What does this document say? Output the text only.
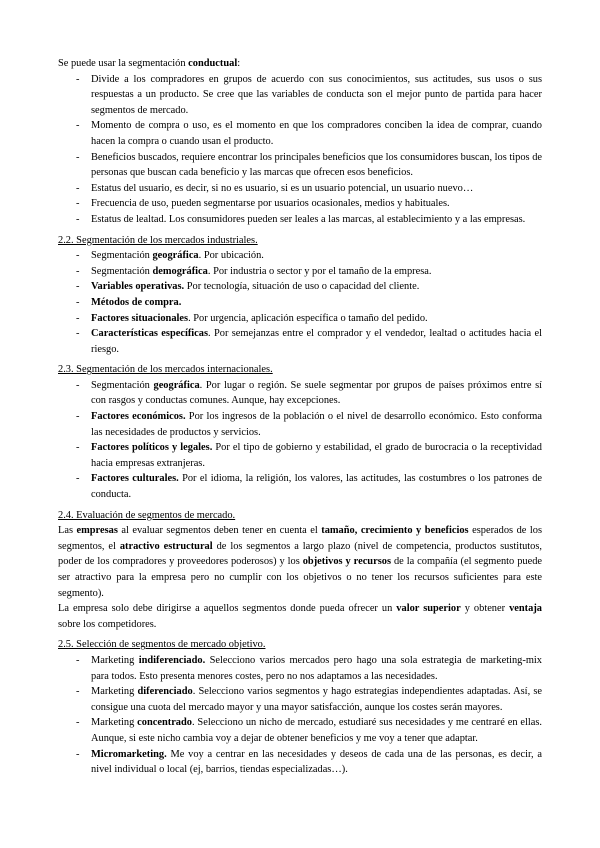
Se puede usar la segmentación conductual:

- Divide a los compradores en grupos de acuerdo con sus conocimientos, sus actitudes, sus usos o sus respuestas a un producto. Se cree que las variables de conducta son el mejor punto de partida para hacer segmentos de mercado.
- Momento de compra o uso, es el momento en que los compradores conciben la idea de comprar, cuando hacen la compra o cuando usan el producto.
- Beneficios buscados, requiere encontrar los principales beneficios que los consumidores buscan, los tipos de personas que buscan cada beneficio y las marcas que ofrecen esos beneficios.
- Estatus del usuario, es decir, si no es usuario, si es un usuario potencial, un usuario nuevo…
- Frecuencia de uso, pueden segmentarse por usuarios ocasionales, medios y habituales.
- Estatus de lealtad. Los consumidores pueden ser leales a las marcas, al establecimiento y a las empresas.

2.2. Segmentación de los mercados industriales.

- Segmentación geográfica. Por ubicación.
- Segmentación demográfica. Por industria o sector y por el tamaño de la empresa.
- Variables operativas. Por tecnología, situación de uso o capacidad del cliente.
- Métodos de compra.
- Factores situacionales. Por urgencia, aplicación específica o tamaño del pedido.
- Características específicas. Por semejanzas entre el comprador y el vendedor, lealtad o actitudes hacia el riesgo.

2.3. Segmentación de los mercados internacionales.

- Segmentación geográfica. Por lugar o región. Se suele segmentar por grupos de países próximos entre sí con rasgos y conductas comunes. Aunque, hay excepciones.
- Factores económicos. Por los ingresos de la población o el nivel de desarrollo económico. Esto conforma las necesidades de productos y servicios.
- Factores políticos y legales. Por el tipo de gobierno y estabilidad, el grado de burocracia o la receptividad hacia empresas extranjeras.
- Factores culturales. Por el idioma, la religión, los valores, las actitudes, las costumbres o los patrones de conducta.

2.4. Evaluación de segmentos de mercado.

Las empresas al evaluar segmentos deben tener en cuenta el tamaño, crecimiento y beneficios esperados de los segmentos, el atractivo estructural de los segmentos a largo plazo (nivel de competencia, productos sustitutos, poder de los compradores y proveedores poderosos) y los objetivos y recursos de la compañía (el segmento puede ser atractivo para la empresa pero no cumplir con los objetivos o no tener los recursos suficientes para este segmento).

La empresa solo debe dirigirse a aquellos segmentos donde pueda ofrecer un valor superior y obtener ventaja sobre los competidores.

2.5. Selección de segmentos de mercado objetivo.

- Marketing indiferenciado. Selecciono varios mercados pero hago una sola estrategia de marketing-mix para todos. Esto presenta menores costes, pero no nos adaptamos a las necesidades.
- Marketing diferenciado. Selecciono varios segmentos y hago estrategias independientes adaptadas. Así, se consigue una cuota del mercado mayor y una mayor satisfacción, aunque los costes serán mayores.
- Marketing concentrado. Selecciono un nicho de mercado, estudiaré sus necesidades y me centraré en ellas. Aunque, si este nicho cambia voy a dejar de obtener beneficios y me voy a tener que adaptar.
- Micromarketing. Me voy a centrar en las necesidades y deseos de cada una de las personas, es decir, a nivel individual o local (ej, barrios, tiendas especializadas…).
